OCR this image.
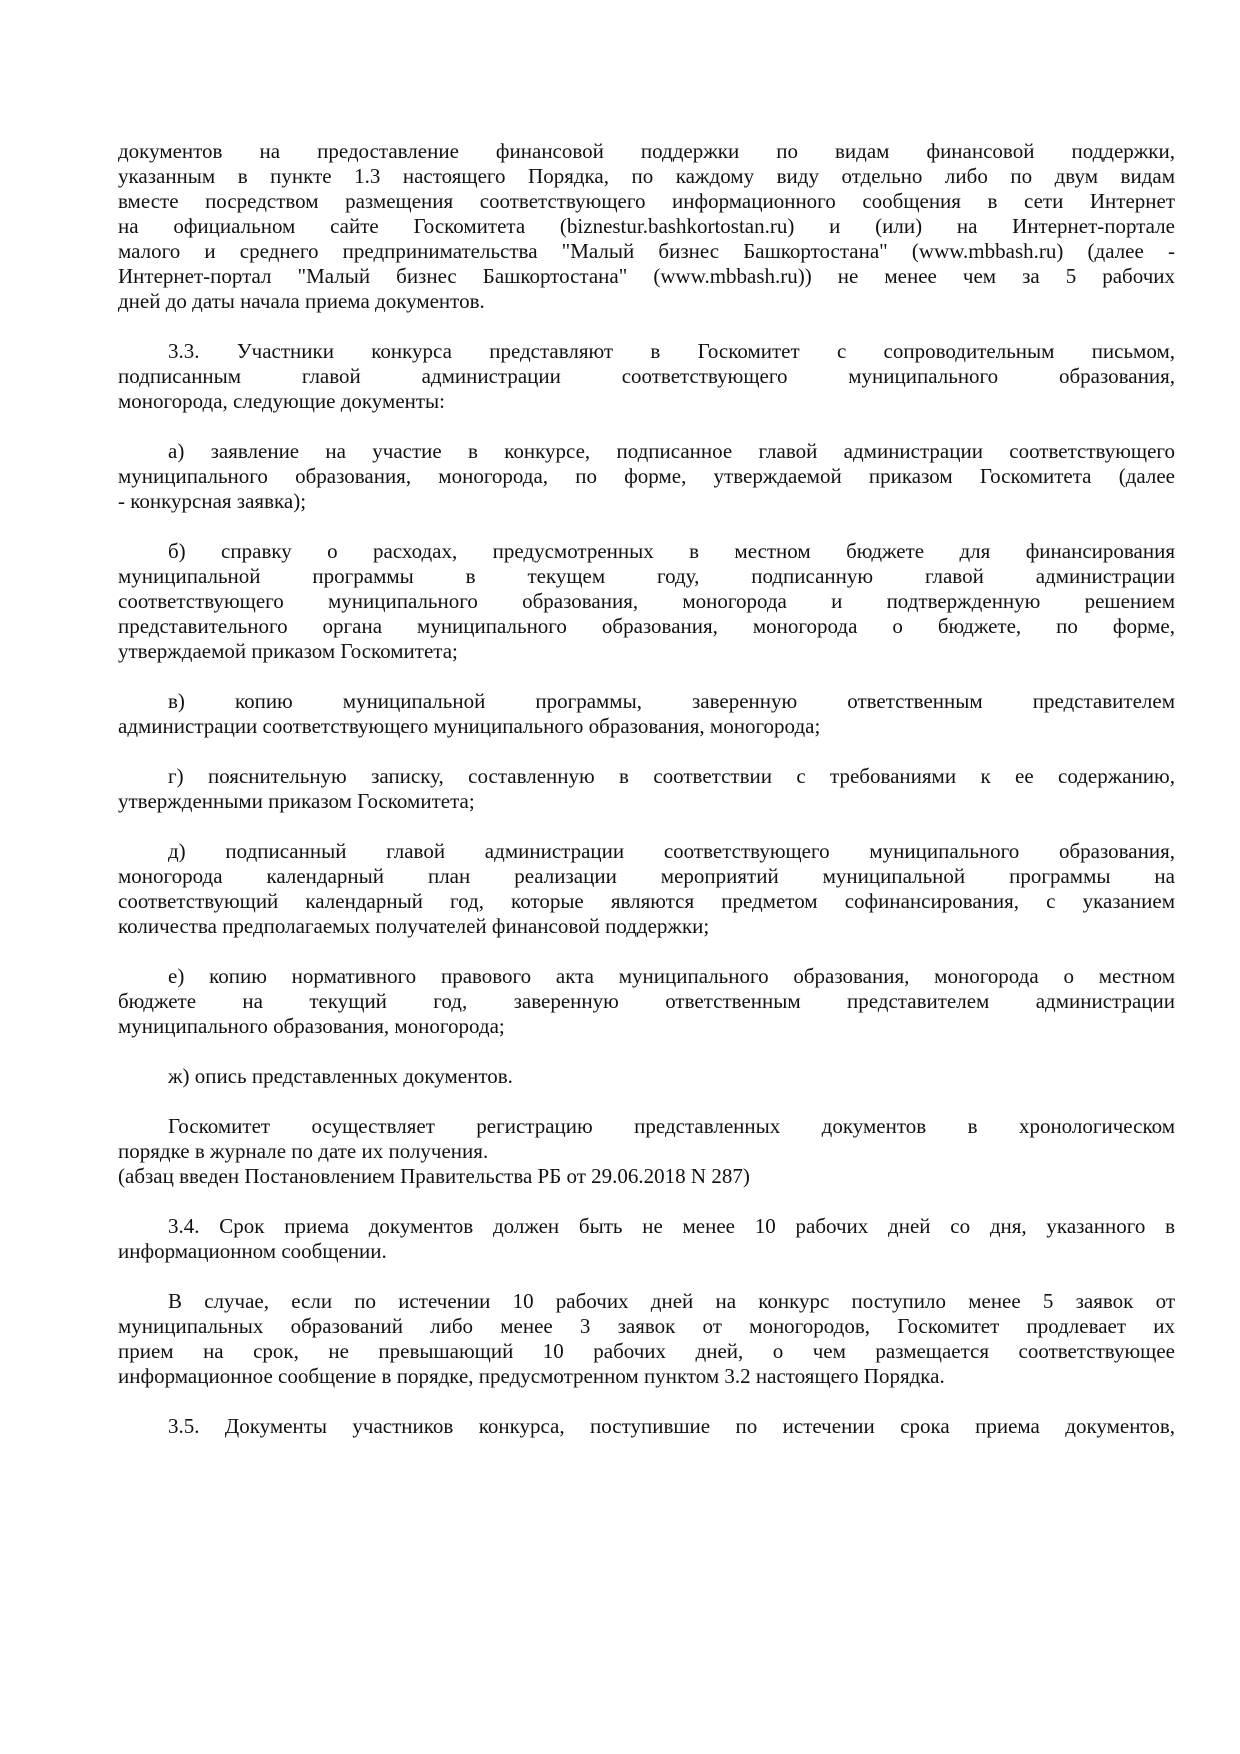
документов на предоставление финансовой поддержки по видам финансовой поддержки,
указанным в пункте 1.3 настоящего Порядка, по каждому виду отдельно либо по двум видам
вместе посредством размещения соответствующего информационного сообщения в сети Интернет
на официальном сайте Госкомитета (biznestur.bashkortostan.ru) и (или) на Интернет-портале
малого и среднего предпринимательства "Малый бизнес Башкортостана" (www.mbbash.ru) (далее -
Интернет-портал "Малый бизнес Башкортостана" (www.mbbash.ru)) не менее чем за 5 рабочих
дней до даты начала приема документов.
3.3. Участники конкурса представляют в Госкомитет с сопроводительным письмом,
подписанным главой администрации соответствующего муниципального образования,
моногорода, следующие документы:
а) заявление на участие в конкурсе, подписанное главой администрации соответствующего
муниципального образования, моногорода, по форме, утверждаемой приказом Госкомитета (далее
- конкурсная заявка);
б) справку о расходах, предусмотренных в местном бюджете для финансирования
муниципальной программы в текущем году, подписанную главой администрации
соответствующего муниципального образования, моногорода и подтвержденную решением
представительного органа муниципального образования, моногорода о бюджете, по форме,
утверждаемой приказом Госкомитета;
в) копию муниципальной программы, заверенную ответственным представителем
администрации соответствующего муниципального образования, моногорода;
г) пояснительную записку, составленную в соответствии с требованиями к ее содержанию,
утвержденными приказом Госкомитета;
д) подписанный главой администрации соответствующего муниципального образования,
моногорода календарный план реализации мероприятий муниципальной программы на
соответствующий календарный год, которые являются предметом софинансирования, с указанием
количества предполагаемых получателей финансовой поддержки;
е) копию нормативного правового акта муниципального образования, моногорода о местном
бюджете на текущий год, заверенную ответственным представителем администрации
муниципального образования, моногорода;
ж) опись представленных документов.
Госкомитет осуществляет регистрацию представленных документов в хронологическом
порядке в журнале по дате их получения.
(абзац введен Постановлением Правительства РБ от 29.06.2018 N 287)
3.4. Срок приема документов должен быть не менее 10 рабочих дней со дня, указанного в
информационном сообщении.
В случае, если по истечении 10 рабочих дней на конкурс поступило менее 5 заявок от
муниципальных образований либо менее 3 заявок от моногородов, Госкомитет продлевает их
прием на срок, не превышающий 10 рабочих дней, о чем размещается соответствующее
информационное сообщение в порядке, предусмотренном пунктом 3.2 настоящего Порядка.
3.5. Документы участников конкурса, поступившие по истечении срока приема документов,
